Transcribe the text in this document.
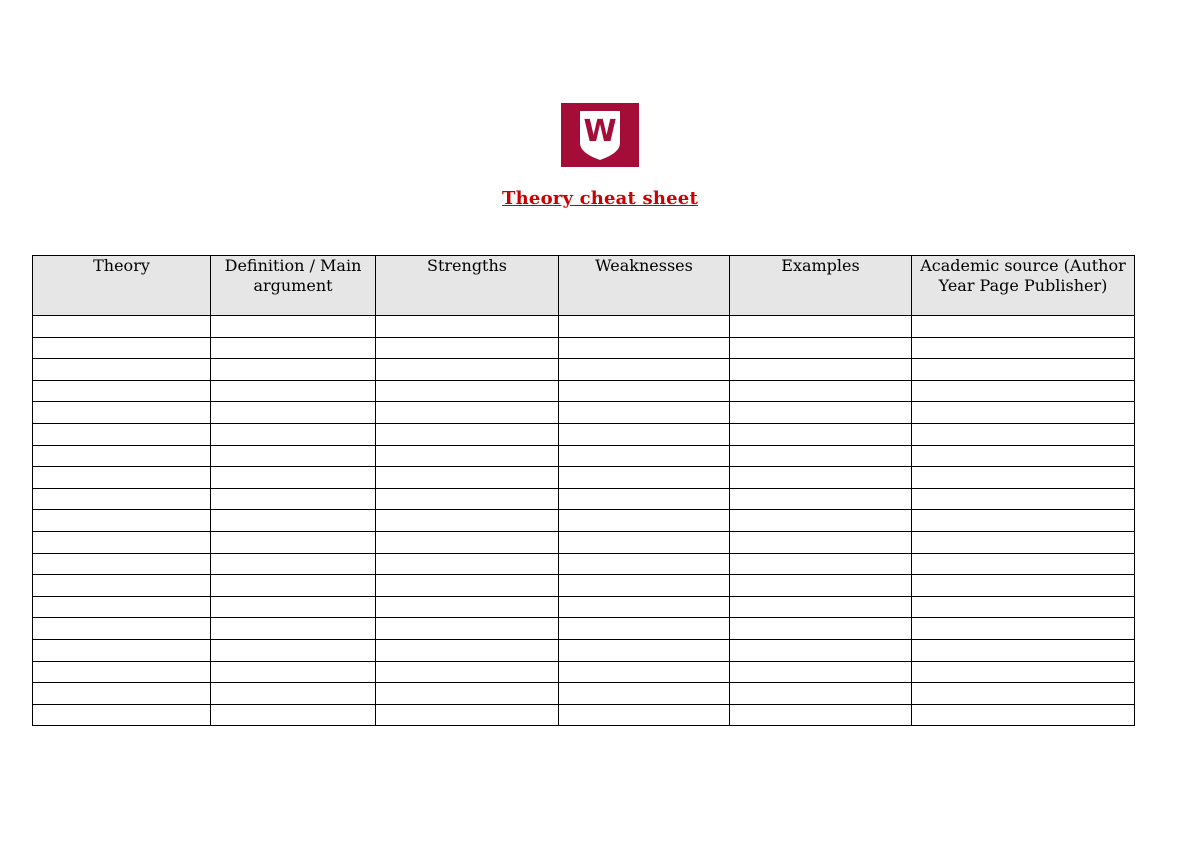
W
Theory cheat sheet
Theory	Definition / Main argument	Strengths	Weaknesses	Examples	Academic source (Author Year Page Publisher)
